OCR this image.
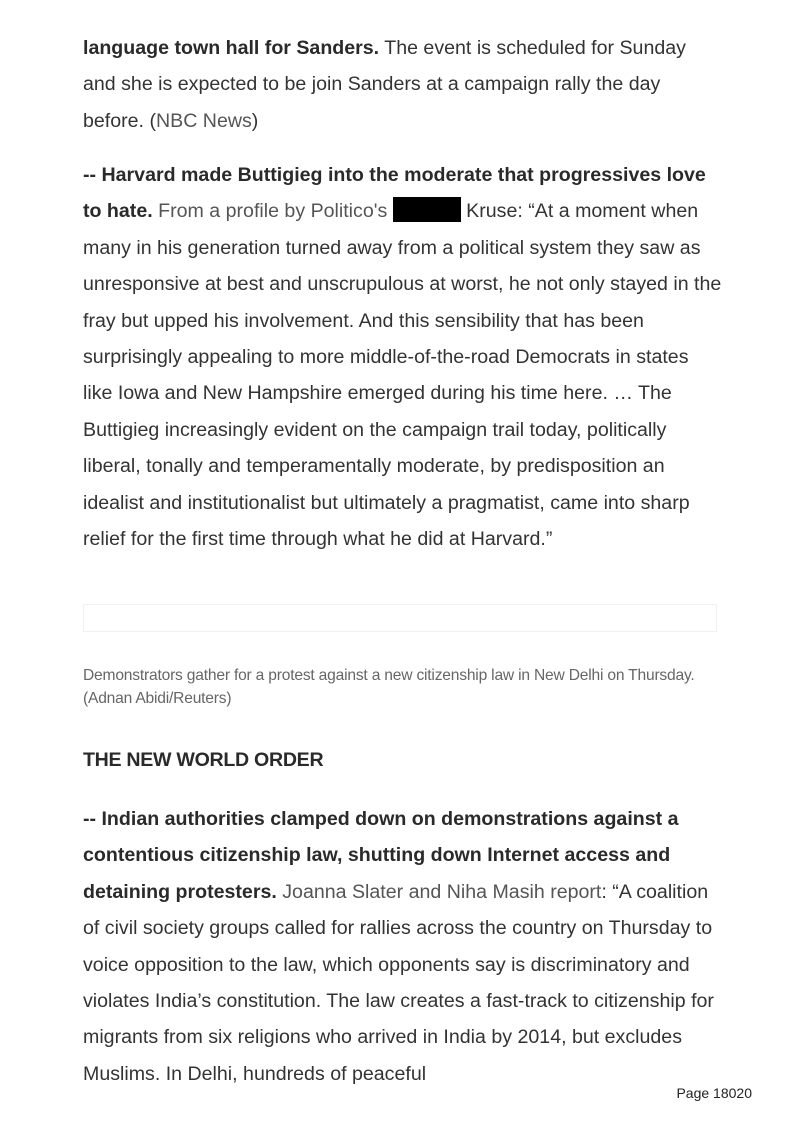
language town hall for Sanders. The event is scheduled for Sunday and she is expected to be join Sanders at a campaign rally the day before. (NBC News)

-- Harvard made Buttigieg into the moderate that progressives love to hate. From a profile by Politico's	Kruse: “At a moment when many in his generation turned away from a political system they saw as unresponsive at best and unscrupulous at worst, he not only stayed in the fray but upped his involvement. And this sensibility that has been surprisingly appealing to more middle-of-the-road Democrats in states like Iowa and New Hampshire emerged during his time here. … The Buttigieg increasingly evident on the campaign trail today, politically liberal, tonally and temperamentally moderate, by predisposition an idealist and institutionalist but ultimately a pragmatist, came into sharp relief for the first time through what he did at Harvard.”

Demonstrators gather for a protest against a new citizenship law in New Delhi on Thursday. (Adnan Abidi/Reuters)
THE NEW WORLD ORDER

-- Indian authorities clamped down on demonstrations against a contentious citizenship law, shutting down Internet access and detaining protesters. Joanna Slater and Niha Masih report: “A coalition of civil society groups called for rallies across the country on Thursday to voice opposition to the law, which opponents say is discriminatory and violates India’s constitution. The law creates a fast-track to citizenship for migrants from six religions who arrived in India by 2014, but excludes Muslims. In Delhi, hundreds of peaceful

Page 18020
